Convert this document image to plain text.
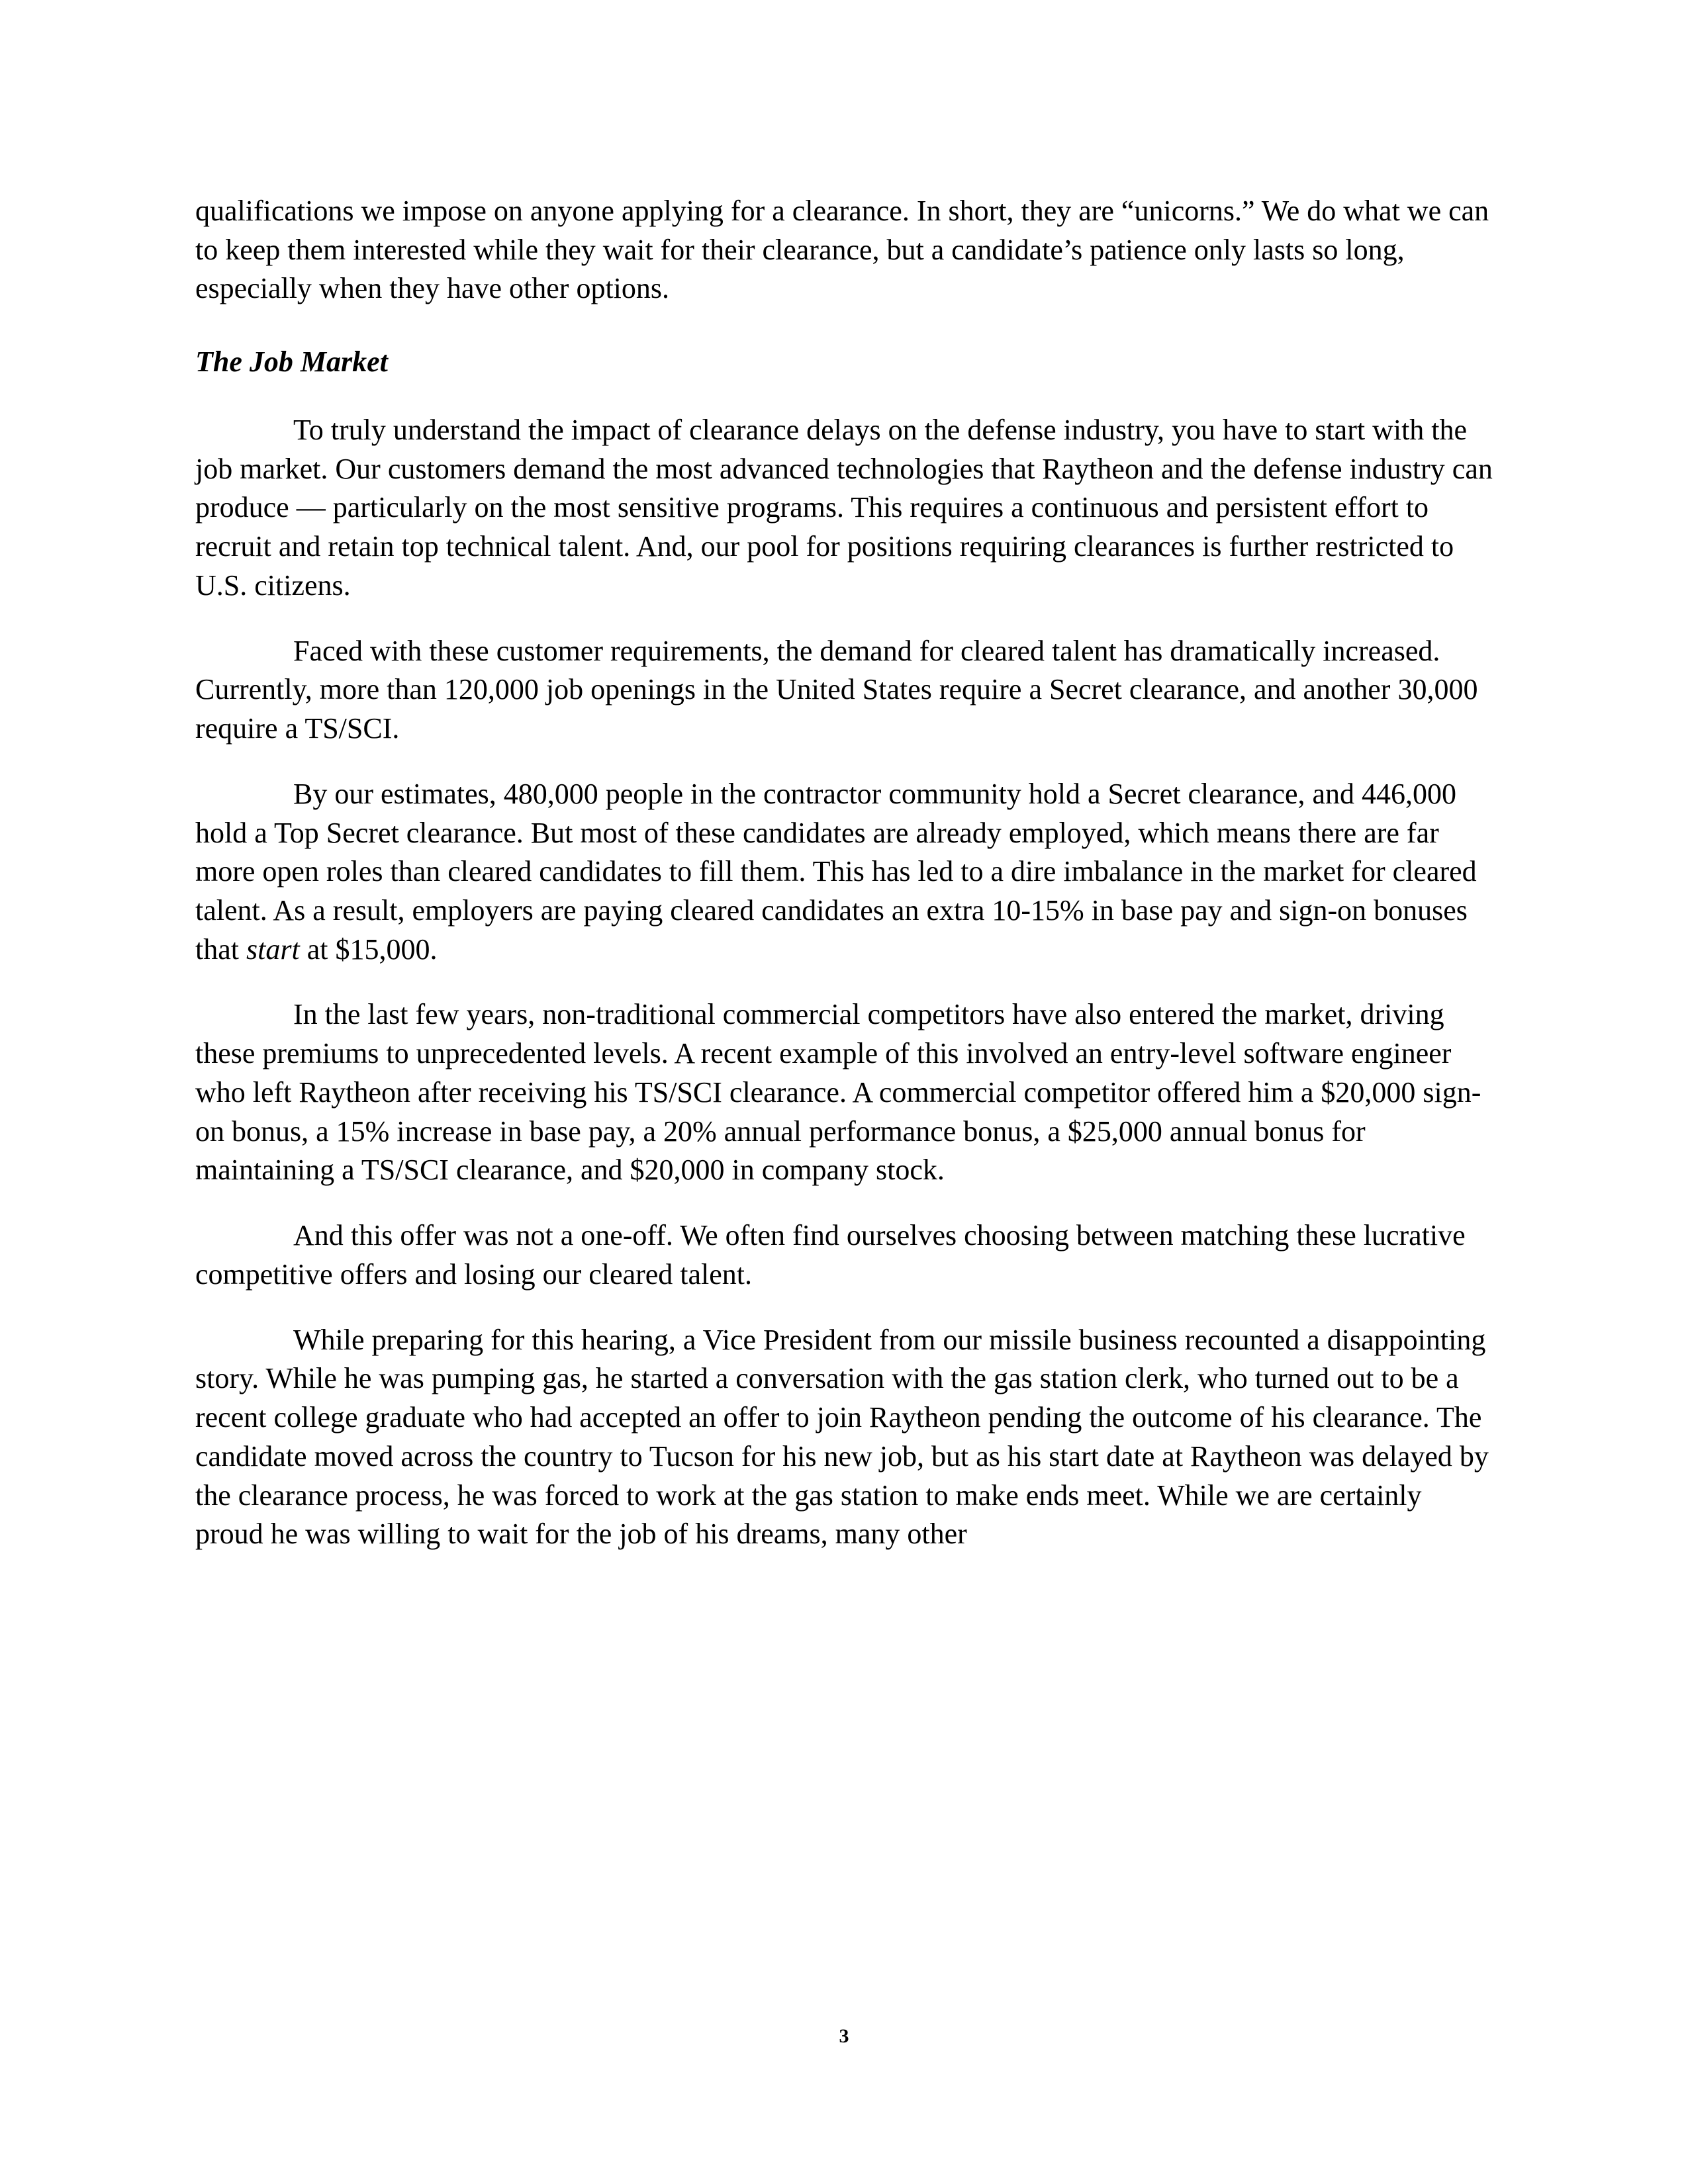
qualifications we impose on anyone applying for a clearance. In short, they are “unicorns.” We do what we can to keep them interested while they wait for their clearance, but a candidate’s patience only lasts so long, especially when they have other options.

The Job Market

To truly understand the impact of clearance delays on the defense industry, you have to start with the job market. Our customers demand the most advanced technologies that Raytheon and the defense industry can produce — particularly on the most sensitive programs. This requires a continuous and persistent effort to recruit and retain top technical talent. And, our pool for positions requiring clearances is further restricted to U.S. citizens.

Faced with these customer requirements, the demand for cleared talent has dramatically increased. Currently, more than 120,000 job openings in the United States require a Secret clearance, and another 30,000 require a TS/SCI.

By our estimates, 480,000 people in the contractor community hold a Secret clearance, and 446,000 hold a Top Secret clearance. But most of these candidates are already employed, which means there are far more open roles than cleared candidates to fill them. This has led to a dire imbalance in the market for cleared talent. As a result, employers are paying cleared candidates an extra 10-15% in base pay and sign-on bonuses that start at $15,000.

In the last few years, non-traditional commercial competitors have also entered the market, driving these premiums to unprecedented levels. A recent example of this involved an entry-level software engineer who left Raytheon after receiving his TS/SCI clearance. A commercial competitor offered him a $20,000 sign-on bonus, a 15% increase in base pay, a 20% annual performance bonus, a $25,000 annual bonus for maintaining a TS/SCI clearance, and $20,000 in company stock.

And this offer was not a one-off. We often find ourselves choosing between matching these lucrative competitive offers and losing our cleared talent.

While preparing for this hearing, a Vice President from our missile business recounted a disappointing story. While he was pumping gas, he started a conversation with the gas station clerk, who turned out to be a recent college graduate who had accepted an offer to join Raytheon pending the outcome of his clearance. The candidate moved across the country to Tucson for his new job, but as his start date at Raytheon was delayed by the clearance process, he was forced to work at the gas station to make ends meet. While we are certainly proud he was willing to wait for the job of his dreams, many other

3
